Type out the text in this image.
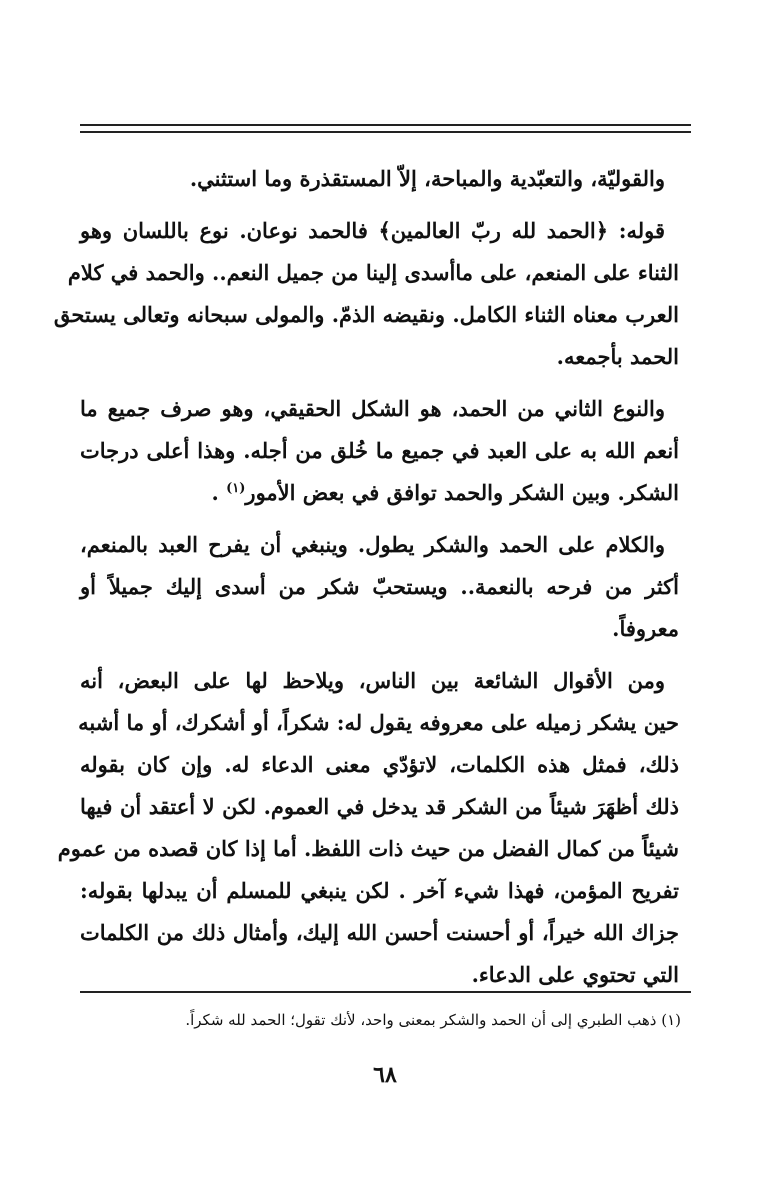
والقوليّة، والتعبّدية والمباحة، إلاّ المستقذرة وما استثني.
قوله: ﴿الحمد لله ربّ العالمين﴾ فالحمد نوعان. نوع باللسان وهو
الثناء على المنعم، على ماأسدى إلينا من جميل النعم.. والحمد في كلام
العرب معناه الثناء الكامل. ونقيضه الذمّ. والمولى سبحانه وتعالى يستحق
الحمد بأجمعه.
والنوع الثاني من الحمد، هو الشكل الحقيقي، وهو صرف جميع ما
أنعم الله به على العبد في جميع ما خُلق من أجله. وهذا أعلى درجات
الشكر. وبين الشكر والحمد توافق في بعض الأمور$^{(١)}$ .
والكلام على الحمد والشكر يطول. وينبغي أن يفرح العبد بالمنعم،
أكثر من فرحه بالنعمة.. ويستحبّ شكر من أسدى إليك جميلاً أو
معروفاً.
ومن الأقوال الشائعة بين الناس، ويلاحظ لها على البعض، أنه
حين يشكر زميله على معروفه يقول له: شكراً، أو أشكرك، أو ما أشبه
ذلك، فمثل هذه الكلمات، لاتؤدّي معنى الدعاء له. وإن كان بقوله
ذلك أظهَرَ شيئاً من الشكر قد يدخل في العموم. لكن لا أعتقد أن فيها
شيئاً من كمال الفضل من حيث ذات اللفظ. أما إذا كان قصده من عموم
تفريح المؤمن، فهذا شيء آخر . لكن ينبغي للمسلم أن يبدلها بقوله:
جزاك الله خيراً، أو أحسنت أحسن الله إليك، وأمثال ذلك من الكلمات
التي تحتوي على الدعاء.
(١) ذهب الطبري إلى أن الحمد والشكر بمعنى واحد، لأنك تقول؛ الحمد لله شكراً.
٦٨
